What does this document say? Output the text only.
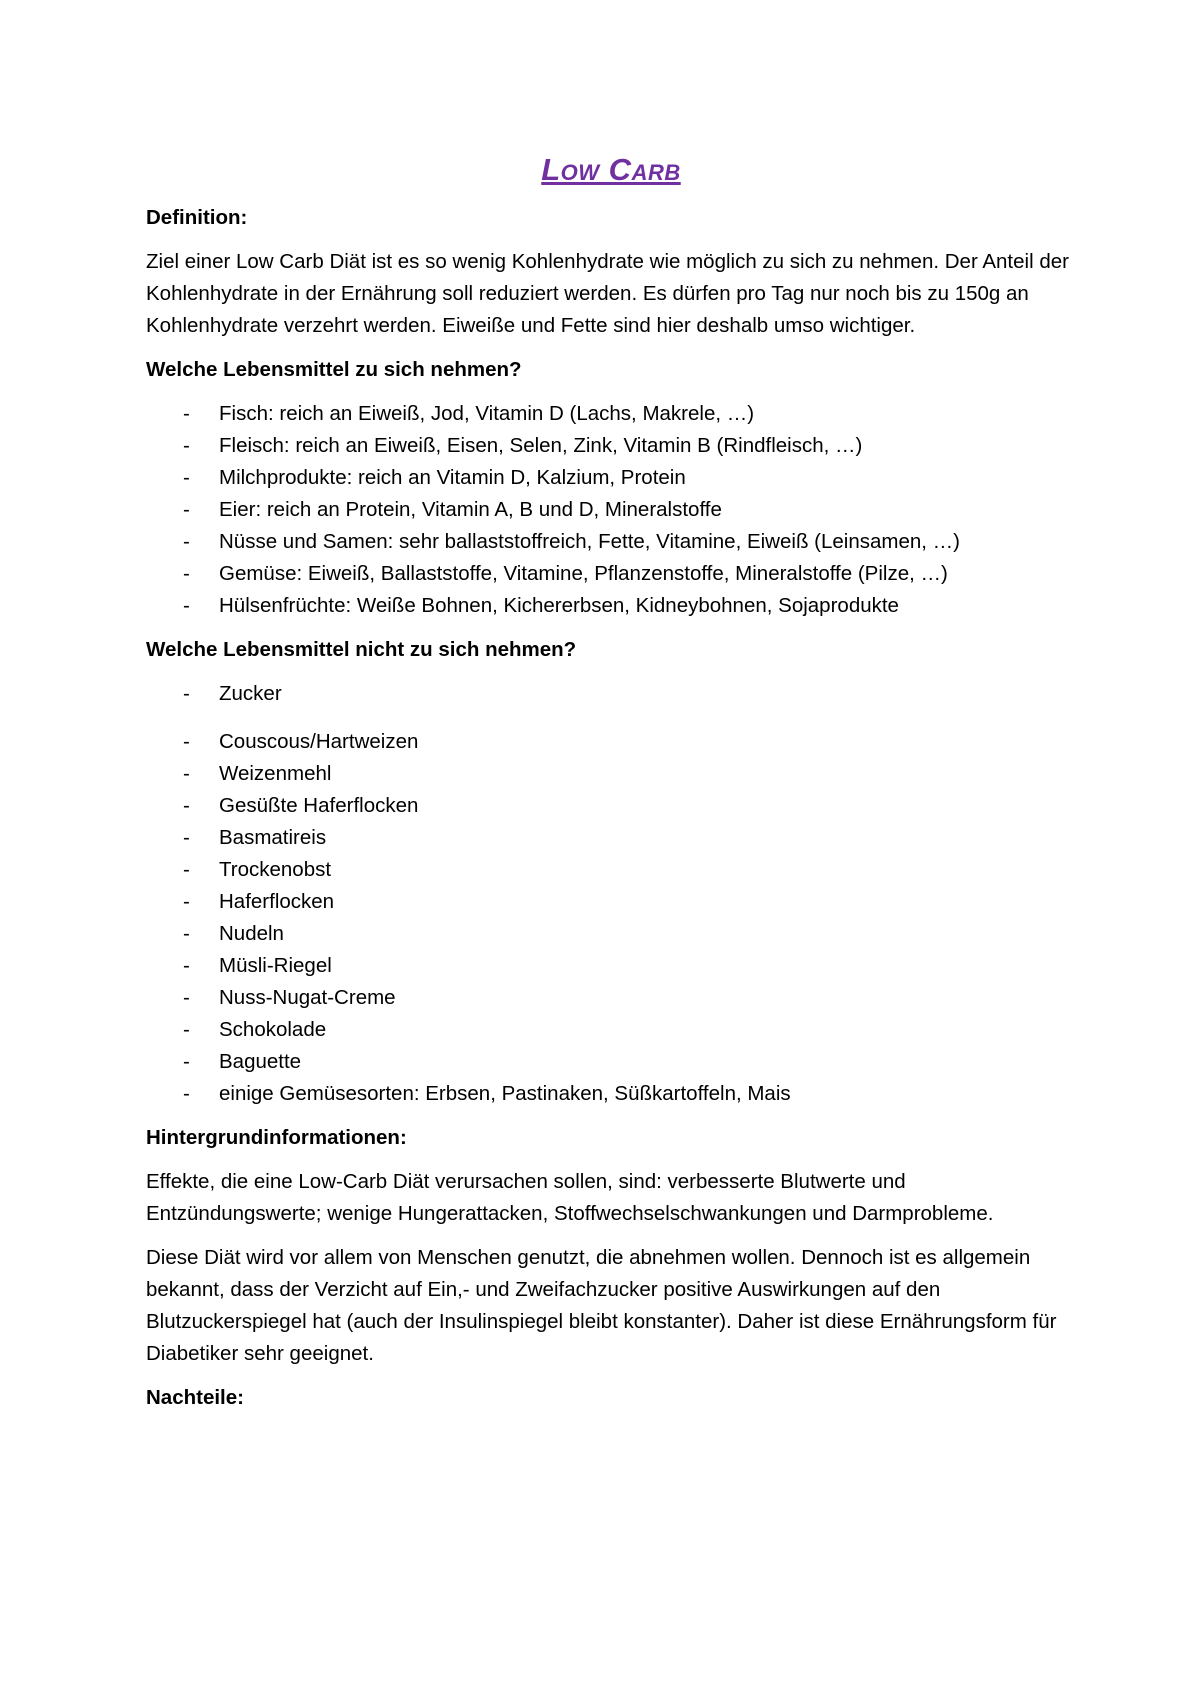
Low Carb
Definition:
Ziel einer Low Carb Diät ist es so wenig Kohlenhydrate wie möglich zu sich zu nehmen. Der Anteil der Kohlenhydrate in der Ernährung soll reduziert werden. Es dürfen pro Tag nur noch bis zu 150g an Kohlenhydrate verzehrt werden. Eiweiße und Fette sind hier deshalb umso wichtiger.
Welche Lebensmittel zu sich nehmen?
- Fisch: reich an Eiweiß, Jod, Vitamin D (Lachs, Makrele, …)
- Fleisch: reich an Eiweiß, Eisen, Selen, Zink, Vitamin B (Rindfleisch, …)
- Milchprodukte: reich an Vitamin D, Kalzium, Protein
- Eier: reich an Protein, Vitamin A, B und D, Mineralstoffe
- Nüsse und Samen: sehr ballaststoffreich, Fette, Vitamine, Eiweiß (Leinsamen, …)
- Gemüse: Eiweiß, Ballaststoffe, Vitamine, Pflanzenstoffe, Mineralstoffe (Pilze, …)
- Hülsenfrüchte: Weiße Bohnen, Kichererbsen, Kidneybohnen, Sojaprodukte
Welche Lebensmittel nicht zu sich nehmen?
- Zucker
- Couscous/Hartweizen
- Weizenmehl
- Gesüßte Haferflocken
- Basmatireis
- Trockenobst
- Haferflocken
- Nudeln
- Müsli-Riegel
- Nuss-Nugat-Creme
- Schokolade
- Baguette
- einige Gemüsesorten: Erbsen, Pastinaken, Süßkartoffeln, Mais
Hintergrundinformationen:
Effekte, die eine Low-Carb Diät verursachen sollen, sind: verbesserte Blutwerte und Entzündungswerte; wenige Hungerattacken, Stoffwechselschwankungen und Darmprobleme.
Diese Diät wird vor allem von Menschen genutzt, die abnehmen wollen. Dennoch ist es allgemein bekannt, dass der Verzicht auf Ein,- und Zweifachzucker positive Auswirkungen auf den Blutzuckerspiegel hat (auch der Insulinspiegel bleibt konstanter). Daher ist diese Ernährungsform für Diabetiker sehr geeignet.
Nachteile:
